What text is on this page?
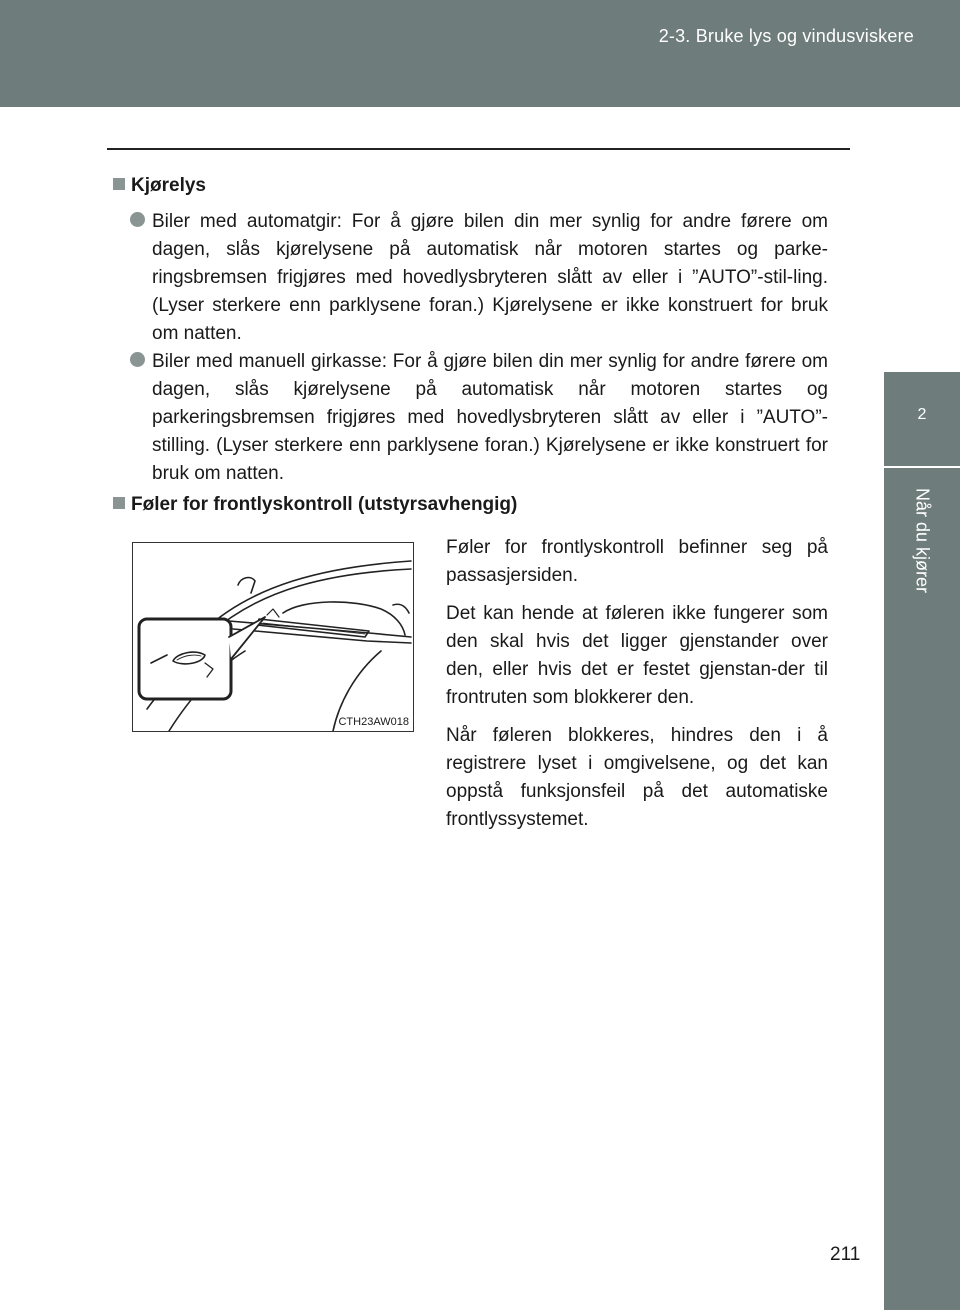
2-3. Bruke lys og vindusviskere
2
Når du kjører
Kjørelys
Biler med automatgir: For å gjøre bilen din mer synlig for andre førere om dagen, slås kjørelysene på automatisk når motoren startes og parke-ringsbremsen frigjøres med hovedlysbryteren slått av eller i ”AUTO”-stil-ling. (Lyser sterkere enn parklysene foran.) Kjørelysene er ikke konstruert for bruk om natten.
Biler med manuell girkasse: For å gjøre bilen din mer synlig for andre førere om dagen, slås kjørelysene på automatisk når motoren startes og parkeringsbremsen frigjøres med hovedlysbryteren slått av eller i ”AUTO”-stilling. (Lyser sterkere enn parklysene foran.) Kjørelysene er ikke konstruert for bruk om natten.
Føler for frontlyskontroll (utstyrsavhengig)
CTH23AW018

Føler for frontlyskontroll befinner seg på passasjersiden.

Det kan hende at føleren ikke fungerer som den skal hvis det ligger gjenstander over den, eller hvis det er festet gjenstan-der til frontruten som blokkerer den.

Når føleren blokkeres, hindres den i å registrere lyset i omgivelsene, og det kan oppstå funksjonsfeil på det automatiske frontlyssystemet.

211
